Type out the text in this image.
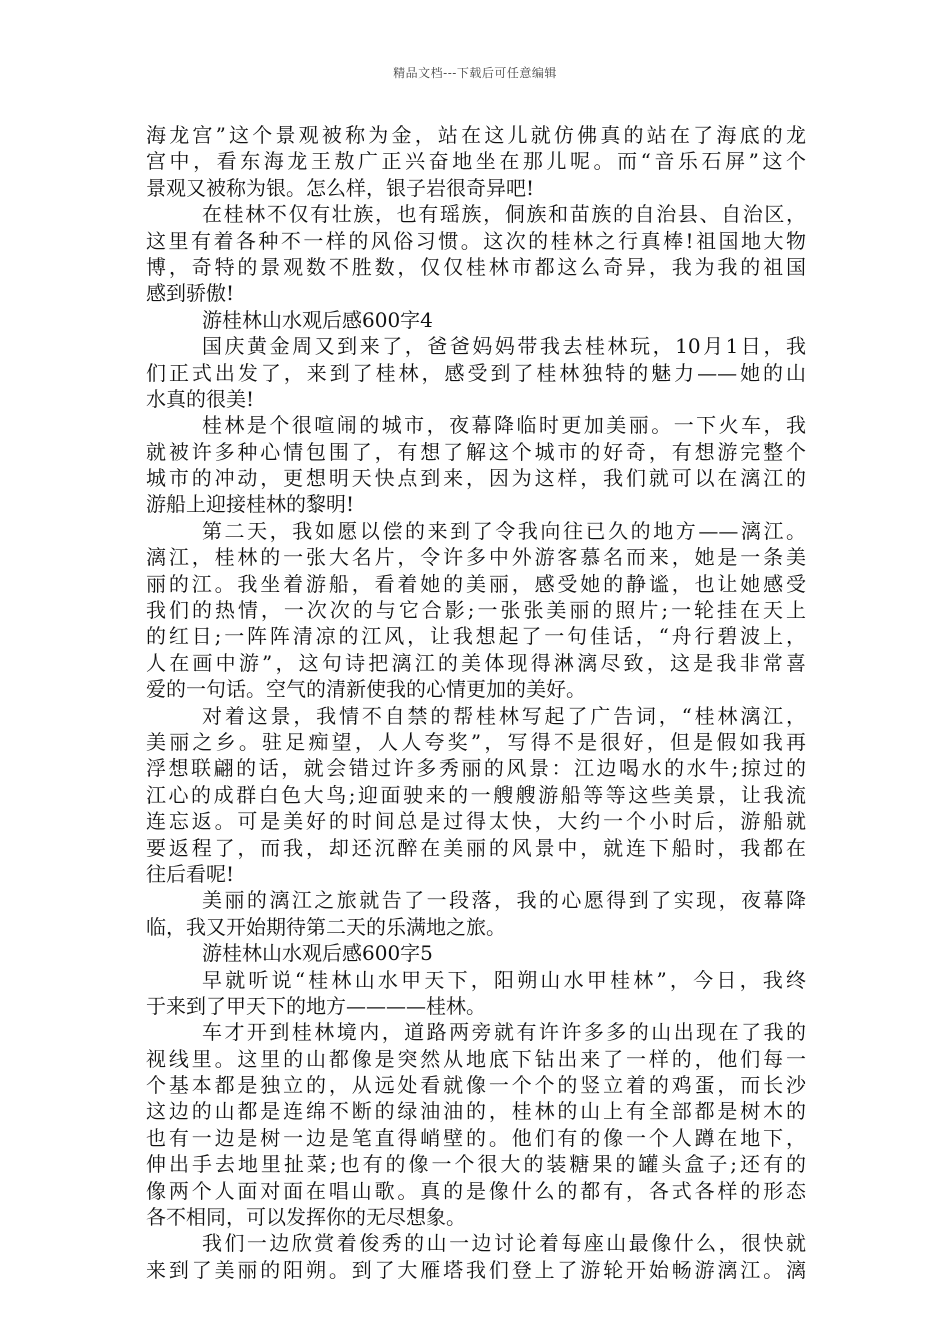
精品文档---下载后可任意编辑
海龙宫”这个景观被称为金，站在这儿就仿佛真的站在了海底的龙
宫中，看东海龙王敖广正兴奋地坐在那儿呢。而“音乐石屏”这个
景观又被称为银。怎么样，银子岩很奇异吧!
在桂林不仅有壮族，也有瑶族，侗族和苗族的自治县、自治区，
这里有着各种不一样的风俗习惯。这次的桂林之行真棒!祖国地大物
博，奇特的景观数不胜数，仅仅桂林市都这么奇异，我为我的祖国
感到骄傲!
游桂林山水观后感600字4
国庆黄金周又到来了，爸爸妈妈带我去桂林玩，10月1日，我
们正式出发了，来到了桂林，感受到了桂林独特的魅力——她的山
水真的很美!
桂林是个很喧闹的城市，夜幕降临时更加美丽。一下火车，我
就被许多种心情包围了，有想了解这个城市的好奇，有想游完整个
城市的冲动，更想明天快点到来，因为这样，我们就可以在漓江的
游船上迎接桂林的黎明!
第二天，我如愿以偿的来到了令我向往已久的地方——漓江。
漓江，桂林的一张大名片，令许多中外游客慕名而来，她是一条美
丽的江。我坐着游船，看着她的美丽，感受她的静谧，也让她感受
我们的热情，一次次的与它合影;一张张美丽的照片;一轮挂在天上
的红日;一阵阵清凉的江风，让我想起了一句佳话，“舟行碧波上，
人在画中游”，这句诗把漓江的美体现得淋漓尽致，这是我非常喜
爱的一句话。空气的清新使我的心情更加的美好。
对着这景，我情不自禁的帮桂林写起了广告词，“桂林漓江，
美丽之乡。驻足痴望，人人夸奖”，写得不是很好，但是假如我再
浮想联翩的话，就会错过许多秀丽的风景：江边喝水的水牛;掠过的
江心的成群白色大鸟;迎面驶来的一艘艘游船等等这些美景，让我流
连忘返。可是美好的时间总是过得太快，大约一个小时后，游船就
要返程了，而我，却还沉醉在美丽的风景中，就连下船时，我都在
往后看呢!
美丽的漓江之旅就告了一段落，我的心愿得到了实现，夜幕降
临，我又开始期待第二天的乐满地之旅。
游桂林山水观后感600字5
早就听说“桂林山水甲天下，阳朔山水甲桂林”，今日，我终
于来到了甲天下的地方————桂林。
车才开到桂林境内，道路两旁就有许许多多的山出现在了我的
视线里。这里的山都像是突然从地底下钻出来了一样的，他们每一
个基本都是独立的，从远处看就像一个个的竖立着的鸡蛋，而长沙
这边的山都是连绵不断的绿油油的，桂林的山上有全部都是树木的
也有一边是树一边是笔直得峭壁的。他们有的像一个人蹲在地下，
伸出手去地里扯菜;也有的像一个很大的装糖果的罐头盒子;还有的
像两个人面对面在唱山歌。真的是像什么的都有，各式各样的形态
各不相同，可以发挥你的无尽想象。
我们一边欣赏着俊秀的山一边讨论着每座山最像什么，很快就
来到了美丽的阳朔。到了大雁塔我们登上了游轮开始畅游漓江。漓
